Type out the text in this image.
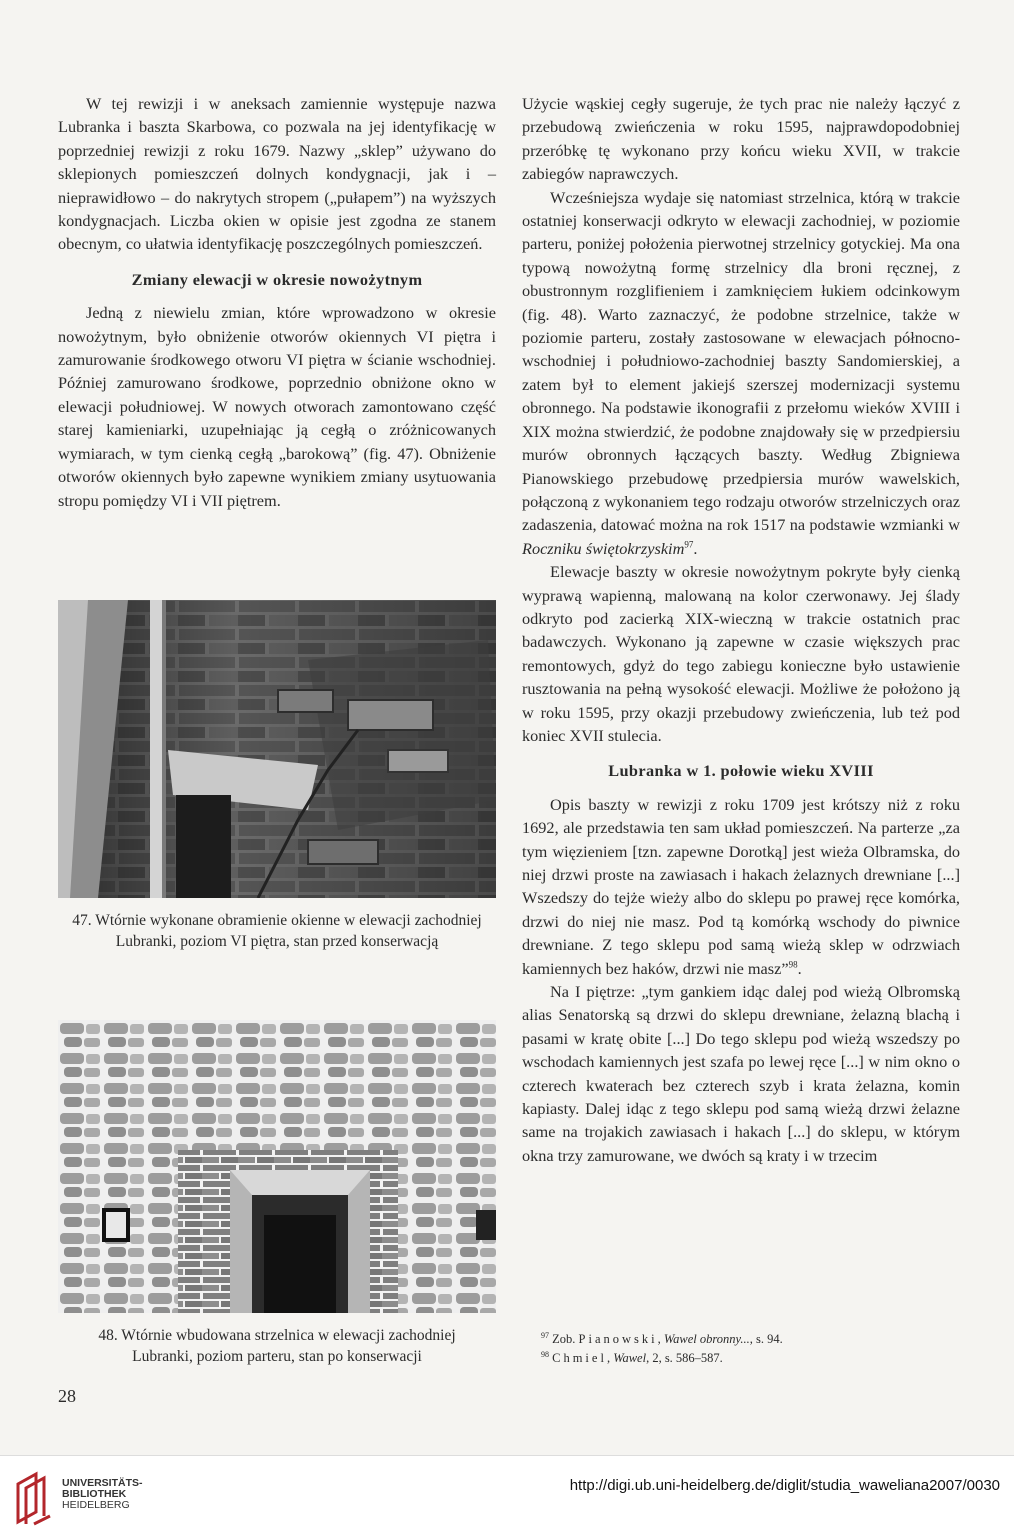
W tej rewizji i w aneksach zamiennie występuje nazwa Lubranka i baszta Skarbowa, co pozwala na jej identyfikację w poprzedniej rewizji z roku 1679. Nazwy „sklep” używano do sklepionych pomieszczeń dolnych kondygnacji, jak i – nieprawidłowo – do nakrytych stropem („pułapem”) na wyższych kondygnacjach. Liczba okien w opisie jest zgodna ze stanem obecnym, co ułatwia identyfikację poszczególnych pomieszczeń.

Zmiany elewacji w okresie nowożytnym

Jedną z niewielu zmian, które wprowadzono w okresie nowożytnym, było obniżenie otworów okiennych VI piętra i zamurowanie środkowego otworu VI piętra w ścianie wschodniej. Później zamurowano środkowe, poprzednio obniżone okno w elewacji południowej. W nowych otworach zamontowano część starej kamieniarki, uzupełniając ją cegłą o zróżnicowanych wymiarach, w tym cienką cegłą „barokową” (fig. 47). Obniżenie otworów okiennych było zapewne wynikiem zmiany usytuowania stropu pomiędzy VI i VII piętrem.

47. Wtórnie wykonane obramienie okienne w elewacji zachodniej Lubranki, poziom VI piętra, stan przed konserwacją
48. Wtórnie wbudowana strzelnica w elewacji zachodniej Lubranki, poziom parteru, stan po konserwacji

Użycie wąskiej cegły sugeruje, że tych prac nie należy łączyć z przebudową zwieńczenia w roku 1595, najprawdopodobniej przeróbkę tę wykonano przy końcu wieku XVII, w trakcie zabiegów naprawczych.

Wcześniejsza wydaje się natomiast strzelnica, którą w trakcie ostatniej konserwacji odkryto w elewacji zachodniej, w poziomie parteru, poniżej położenia pierwotnej strzelnicy gotyckiej. Ma ona typową nowożytną formę strzelnicy dla broni ręcznej, z obustronnym rozglifieniem i zamknięciem łukiem odcinkowym (fig. 48). Warto zaznaczyć, że podobne strzelnice, także w poziomie parteru, zostały zastosowane w elewacjach północno-wschodniej i południowo-zachodniej baszty Sandomierskiej, a zatem był to element jakiejś szerszej modernizacji systemu obronnego. Na podstawie ikonografii z przełomu wieków XVIII i XIX można stwierdzić, że podobne znajdowały się w przedpiersiu murów obronnych łączących baszty. Według Zbigniewa Pianowskiego przebudowę przedpiersia murów wawelskich, połączoną z wykonaniem tego rodzaju otworów strzelniczych oraz zadaszenia, datować można na rok 1517 na podstawie wzmianki w Roczniku świętokrzyskim$^{97}$.

Elewacje baszty w okresie nowożytnym pokryte były cienką wyprawą wapienną, malowaną na kolor czerwonawy. Jej ślady odkryto pod zacierką XIX-wieczną w trakcie ostatnich prac badawczych. Wykonano ją zapewne w czasie większych prac remontowych, gdyż do tego zabiegu konieczne było ustawienie rusztowania na pełną wysokość elewacji. Możliwe że położono ją w roku 1595, przy okazji przebudowy zwieńczenia, lub też pod koniec XVII stulecia.

Lubranka w 1. połowie wieku XVIII

Opis baszty w rewizji z roku 1709 jest krótszy niż z roku 1692, ale przedstawia ten sam układ pomieszczeń. Na parterze „za tym więzieniem [tzn. zapewne Dorotką] jest wieża Olbramska, do niej drzwi proste na zawiasach i hakach żelaznych drewniane [...] Wszedszy do tejże wieży albo do sklepu po prawej ręce komórka, drzwi do niej nie masz. Pod tą komórką wschody do piwnice drewniane. Z tego sklepu pod samą wieżą sklep w odrzwiach kamiennych bez haków, drzwi nie masz”$^{98}$.

Na I piętrze: „tym gankiem idąc dalej pod wieżą Olbromską alias Senatorską są drzwi do sklepu drewniane, żelazną blachą i pasami w kratę obite [...] Do tego sklepu pod wieżą wszedszy po wschodach kamiennych jest szafa po lewej ręce [...] w nim okno o czterech kwaterach bez czterech szyb i krata żelazna, komin kapiasty. Dalej idąc z tego sklepu pod samą wieżą drzwi żelazne same na trojakich zawiasach i hakach [...] do sklepu, w którym okna trzy zamurowane, we dwóch są kraty i w trzecim

$^{97}$ Zob. Pianowski, Wawel obronny..., s. 94.
$^{98}$ Chmiel, Wawel, 2, s. 586–587.
28
UNIVERSITÄTS-
BIBLIOTHEK
HEIDELBERG
http://digi.ub.uni-heidelberg.de/diglit/studia_waweliana2007/0030
